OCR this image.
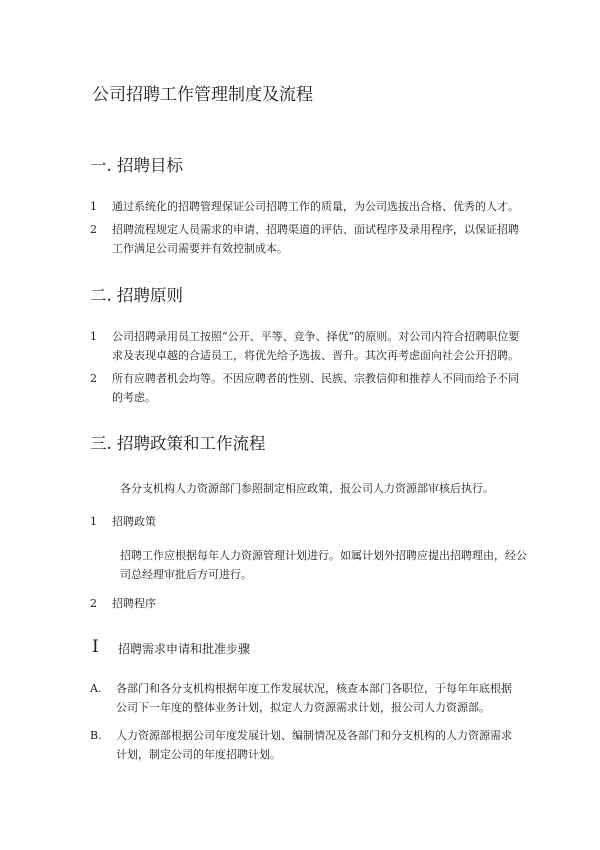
公司招聘工作管理制度及流程
一. 招聘目标
1	通过系统化的招聘管理保证公司招聘工作的质量，为公司选拔出合格、优秀的人才。
2	招聘流程规定人员需求的申请、招聘渠道的评估、面试程序及录用程序，以保证招聘工作满足公司需要并有效控制成本。
二. 招聘原则
1	公司招聘录用员工按照“公开、平等、竞争、择优”的原则。对公司内符合招聘职位要求及表现卓越的合适员工，将优先给予选拔、晋升。其次再考虑面向社会公开招聘。
2	所有应聘者机会均等。不因应聘者的性别、民族、宗教信仰和推荐人不同而给予不同的考虑。
三. 招聘政策和工作流程
各分支机构人力资源部门参照制定相应政策，报公司人力资源部审核后执行。
1	招聘政策
招聘工作应根据每年人力资源管理计划进行。如属计划外招聘应提出招聘理由，经公司总经理审批后方可进行。
2	招聘程序
I 招聘需求申请和批准步骤
A.	各部门和各分支机构根据年度工作发展状况，核查本部门各职位，于每年年底根据公司下一年度的整体业务计划，拟定人力资源需求计划，报公司人力资源部。
B.	人力资源部根据公司年度发展计划、编制情况及各部门和分支机构的人力资源需求计划，制定公司的年度招聘计划。
